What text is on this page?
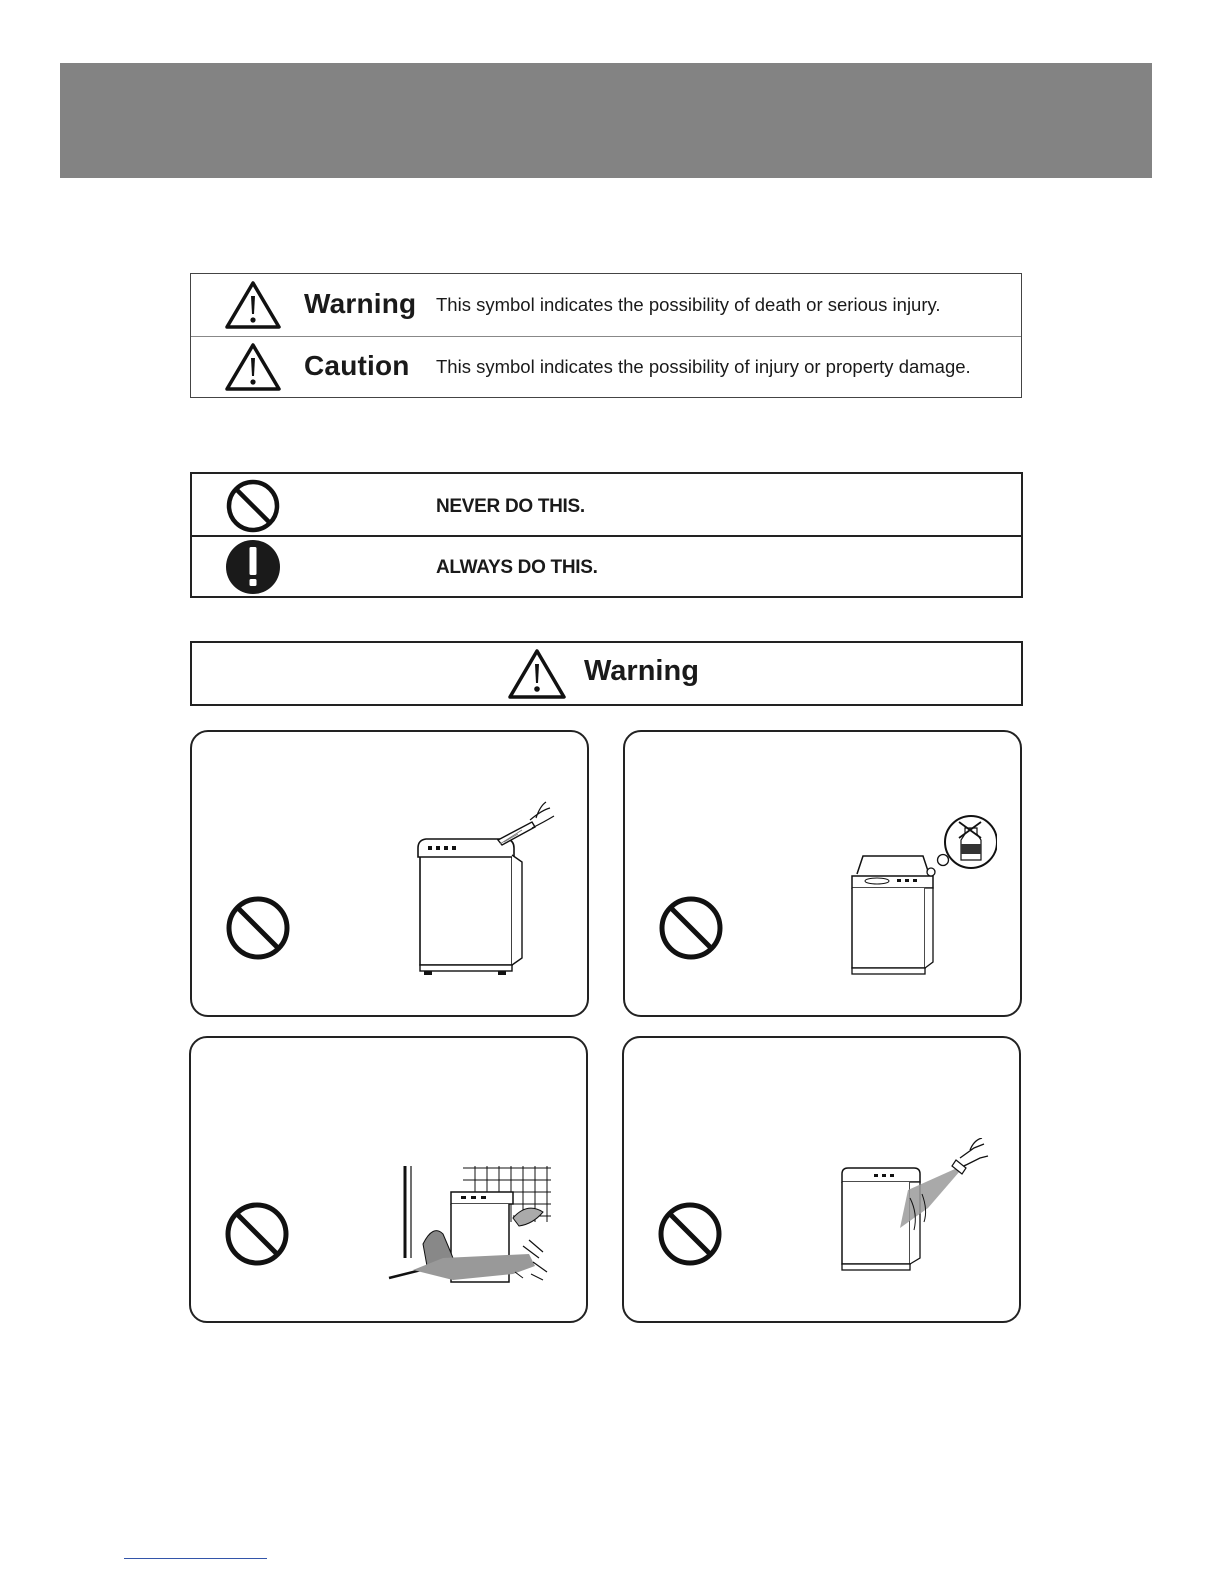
Warning This symbol indicates the possibility of death or serious injury.
Caution This symbol indicates the possibility of injury or property damage.
NEVER DO THIS.
ALWAYS DO THIS.
Warning
